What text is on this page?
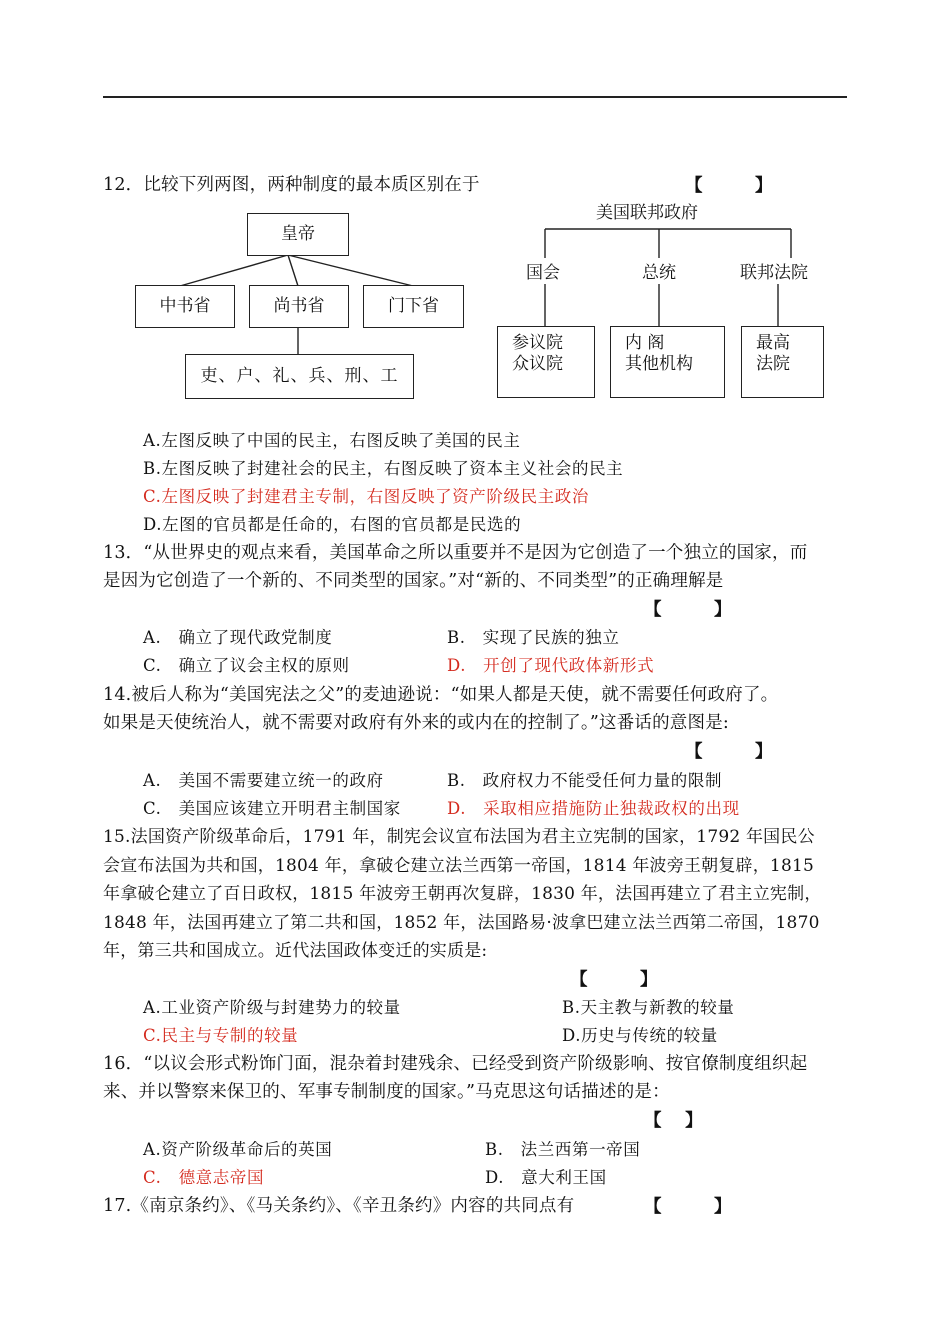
12．比较下列两图，两种制度的最本质区别在于	【　　　】
皇帝
中书省	尚书省	门下省
吏、户、礼、兵、刑、工
美国联邦政府
国会	总统	联邦法院
参议院
众议院
内 阁
其他机构
最高
法院
A.左图反映了中国的民主，右图反映了美国的民主
B.左图反映了封建社会的民主，右图反映了资本主义社会的民主
C.左图反映了封建君主专制，右图反映了资产阶级民主政治
D.左图的官员都是任命的，右图的官员都是民选的
13．“从世界史的观点来看，美国革命之所以重要并不是因为它创造了一个独立的国家，而
是因为它创造了一个新的、不同类型的国家。”对“新的、不同类型”的正确理解是
【　　　】
A.　确立了现代政党制度	B.　实现了民族的独立
C.　确立了议会主权的原则	D.　开创了现代政体新形式
14.被后人称为“美国宪法之父”的麦迪逊说：“如果人都是天使，就不需要任何政府了。
如果是天使统治人，就不需要对政府有外来的或内在的控制了。”这番话的意图是:
【　　　】
A.　美国不需要建立统一的政府	B.　政府权力不能受任何力量的限制
C.　美国应该建立开明君主制国家	D.　采取相应措施防止独裁政权的出现
15.法国资产阶级革命后，1791 年，制宪会议宣布法国为君主立宪制的国家，1792 年国民公
会宣布法国为共和国，1804 年，拿破仑建立法兰西第一帝国，1814 年波旁王朝复辟，1815
年拿破仑建立了百日政权，1815 年波旁王朝再次复辟，1830 年，法国再建立了君主立宪制，
1848 年，法国再建立了第二共和国，1852 年，法国路易·波拿巴建立法兰西第二帝国，1870
年，第三共和国成立。近代法国政体变迁的实质是:
【　　　】
A.工业资产阶级与封建势力的较量	B.天主教与新教的较量
C.民主与专制的较量	D.历史与传统的较量
16．“以议会形式粉饰门面，混杂着封建残余、已经受到资产阶级影响、按官僚制度组织起
来、并以警察来保卫的、军事专制制度的国家。”马克思这句话描述的是：
【　 】
A.资产阶级革命后的英国	B.　法兰西第一帝国
C.　德意志帝国	D.　意大利王国
17.《南京条约》、《马关条约》、《辛丑条约》内容的共同点有	【　　　】
